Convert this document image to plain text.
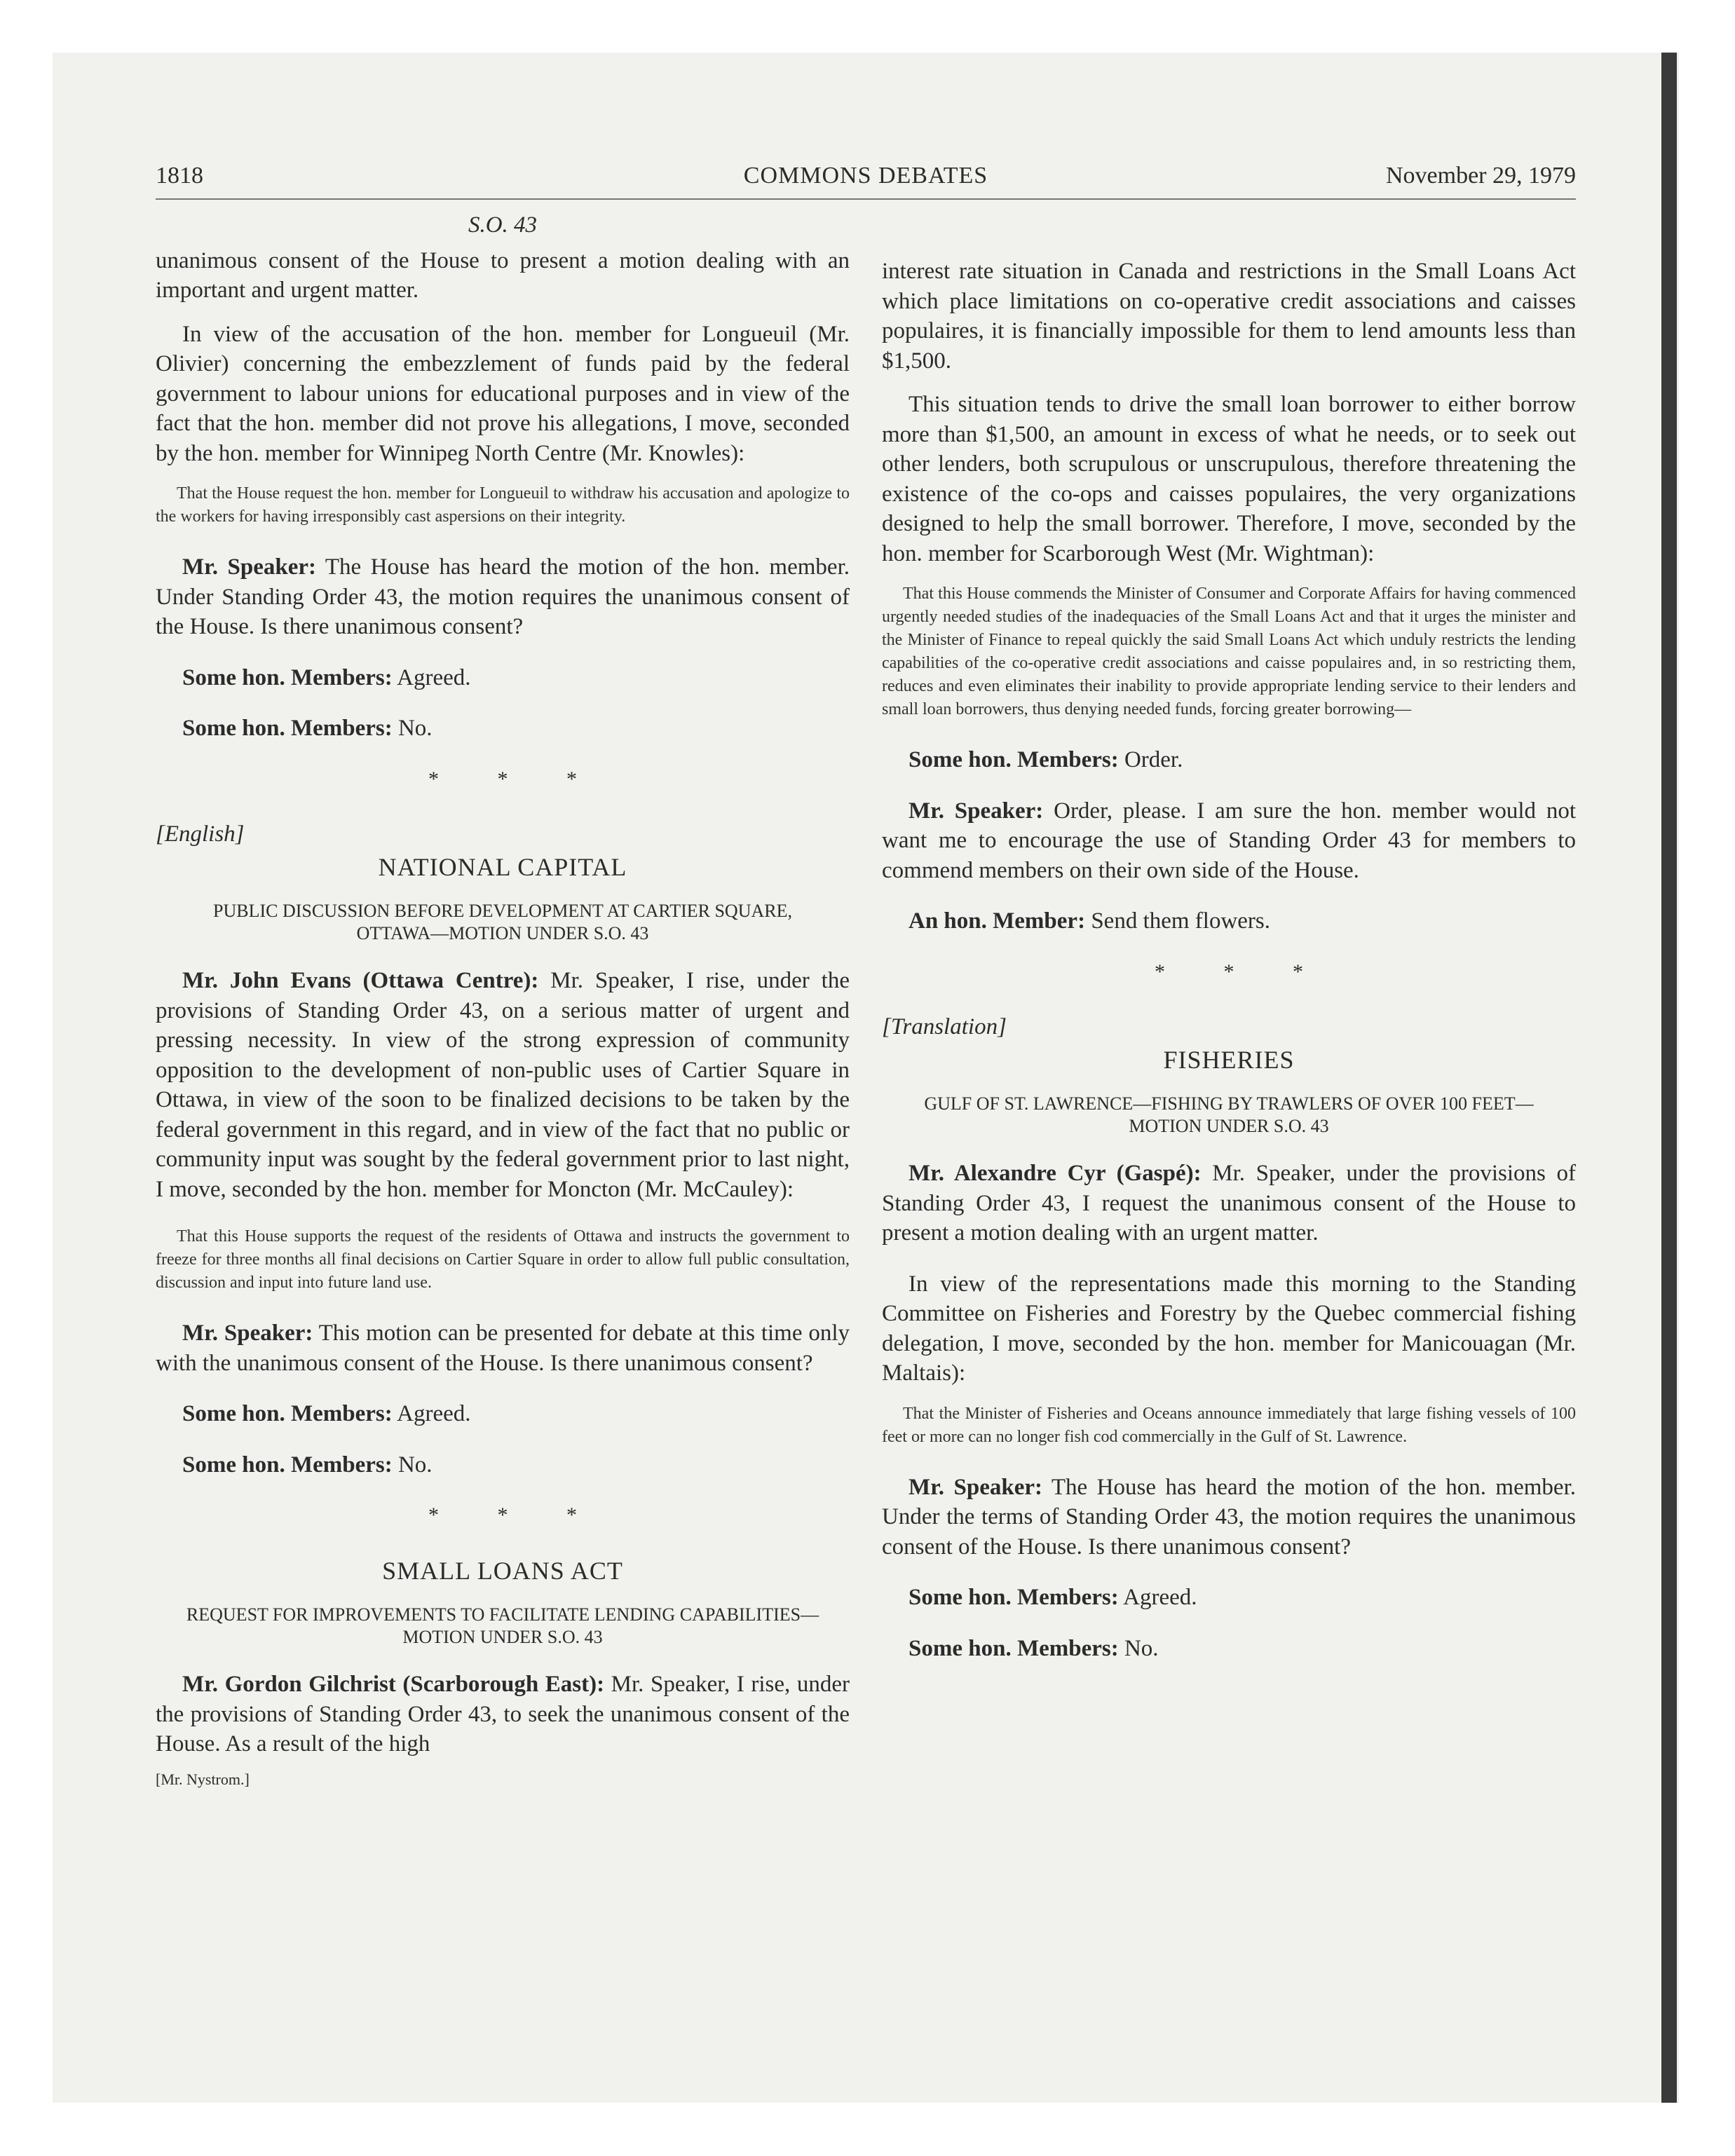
1818	COMMONS DEBATES	November 29, 1979

S.O. 43

unanimous consent of the House to present a motion dealing with an important and urgent matter.

In view of the accusation of the hon. member for Longueuil (Mr. Olivier) concerning the embezzlement of funds paid by the federal government to labour unions for educational purposes and in view of the fact that the hon. member did not prove his allegations, I move, seconded by the hon. member for Winnipeg North Centre (Mr. Knowles):

That the House request the hon. member for Longueuil to withdraw his accusation and apologize to the workers for having irresponsibly cast aspersions on their integrity.

Mr. Speaker: The House has heard the motion of the hon. member. Under Standing Order 43, the motion requires the unanimous consent of the House. Is there unanimous consent?

Some hon. Members: Agreed.

Some hon. Members: No.

* * *

[English]

NATIONAL CAPITAL

PUBLIC DISCUSSION BEFORE DEVELOPMENT AT CARTIER SQUARE, OTTAWA—MOTION UNDER S.O. 43

Mr. John Evans (Ottawa Centre): Mr. Speaker, I rise, under the provisions of Standing Order 43, on a serious matter of urgent and pressing necessity. In view of the strong expression of community opposition to the development of non-public uses of Cartier Square in Ottawa, in view of the soon to be finalized decisions to be taken by the federal government in this regard, and in view of the fact that no public or community input was sought by the federal government prior to last night, I move, seconded by the hon. member for Moncton (Mr. McCauley):

That this House supports the request of the residents of Ottawa and instructs the government to freeze for three months all final decisions on Cartier Square in order to allow full public consultation, discussion and input into future land use.

Mr. Speaker: This motion can be presented for debate at this time only with the unanimous consent of the House. Is there unanimous consent?

Some hon. Members: Agreed.

Some hon. Members: No.

* * *

SMALL LOANS ACT

REQUEST FOR IMPROVEMENTS TO FACILITATE LENDING CAPABILITIES—MOTION UNDER S.O. 43

Mr. Gordon Gilchrist (Scarborough East): Mr. Speaker, I rise, under the provisions of Standing Order 43, to seek the unanimous consent of the House. As a result of the high

[Mr. Nystrom.]

interest rate situation in Canada and restrictions in the Small Loans Act which place limitations on co-operative credit associations and caisses populaires, it is financially impossible for them to lend amounts less than $1,500.

This situation tends to drive the small loan borrower to either borrow more than $1,500, an amount in excess of what he needs, or to seek out other lenders, both scrupulous or unscrupulous, therefore threatening the existence of the co-ops and caisses populaires, the very organizations designed to help the small borrower. Therefore, I move, seconded by the hon. member for Scarborough West (Mr. Wightman):

That this House commends the Minister of Consumer and Corporate Affairs for having commenced urgently needed studies of the inadequacies of the Small Loans Act and that it urges the minister and the Minister of Finance to repeal quickly the said Small Loans Act which unduly restricts the lending capabilities of the co-operative credit associations and caisse populaires and, in so restricting them, reduces and even eliminates their inability to provide appropriate lending service to their lenders and small loan borrowers, thus denying needed funds, forcing greater borrowing—

Some hon. Members: Order.

Mr. Speaker: Order, please. I am sure the hon. member would not want me to encourage the use of Standing Order 43 for members to commend members on their own side of the House.

An hon. Member: Send them flowers.

* * *

[Translation]

FISHERIES

GULF OF ST. LAWRENCE—FISHING BY TRAWLERS OF OVER 100 FEET—MOTION UNDER S.O. 43

Mr. Alexandre Cyr (Gaspé): Mr. Speaker, under the provisions of Standing Order 43, I request the unanimous consent of the House to present a motion dealing with an urgent matter.

In view of the representations made this morning to the Standing Committee on Fisheries and Forestry by the Quebec commercial fishing delegation, I move, seconded by the hon. member for Manicouagan (Mr. Maltais):

That the Minister of Fisheries and Oceans announce immediately that large fishing vessels of 100 feet or more can no longer fish cod commercially in the Gulf of St. Lawrence.

Mr. Speaker: The House has heard the motion of the hon. member. Under the terms of Standing Order 43, the motion requires the unanimous consent of the House. Is there unanimous consent?

Some hon. Members: Agreed.

Some hon. Members: No.
